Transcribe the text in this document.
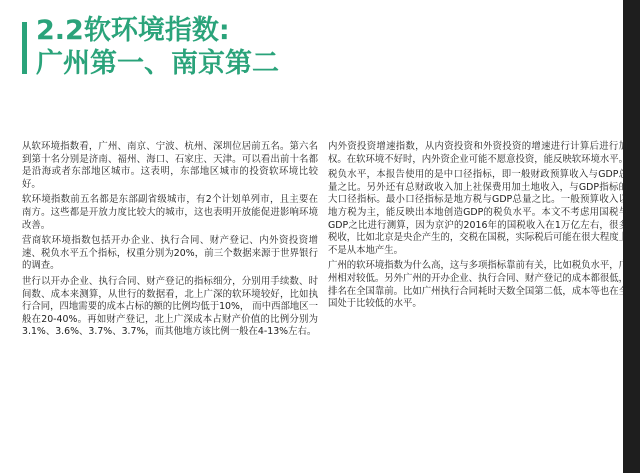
2.2软环境指数:
广州第一、南京第二

从软环境指数看，广州、南京、宁波、杭州、深圳位居前五名。第六名到第十名分别是济南、福州、海口、石家庄、天津。可以看出前十名都是沿海或者东部地区城市。这表明，东部地区城市的投资软环境比较好。

软环境指数前五名都是东部副省级城市，有2个计划单列市，且主要在南方。这些都是开放力度比较大的城市，这也表明开放能促进影响环境改善。

营商软环境指数包括开办企业、执行合同、财产登记、内外资投资增速、税负水平五个指标，权重分别为20%，前三个数据来源于世界银行的调查。

世行以开办企业、执行合同、财产登记的指标细分，分别用手续数、时间数、成本来测算，从世行的数据看，北上广深的软环境较好，比如执行合同，四地需要的成本占标的额的比例均低于10%， 而中西部地区一般在20-40%。再如财产登记，北上广深成本占财产价值的比例分别为3.1%、3.6%、3.7%、3.7%，而其他地方该比例一般在4-13%左右。

内外资投资增速指数，从内资投资和外资投资的增速进行计算后进行加权。在软环境不好时，内外资企业可能不愿意投资，能反映软环境水平。

税负水平，本报告使用的是中口径指标，即一般财政预算收入与GDP总量之比。另外还有总财政收入加上社保费用加土地收入，与GDP指标的大口径指标。最小口径指标是地方税与GDP总量之比。一般预算收入以地方税为主，能反映出本地创造GDP的税负水平。本文不考虑用国税与GDP之比进行测算，因为京沪的2016年的国税收入在1万亿左右，很多税收，比如北京是央企产生的，交税在国税，实际税后可能在很大程度上不是从本地产生。

广州的软环境指数为什么高，这与多项指标靠前有关，比如税负水平，广州相对较低。另外广州的开办企业、执行合同、财产登记的成本都很低，排名在全国靠前。比如广州执行合同耗时天数全国第二低，成本等也在全国处于比较低的水平。
